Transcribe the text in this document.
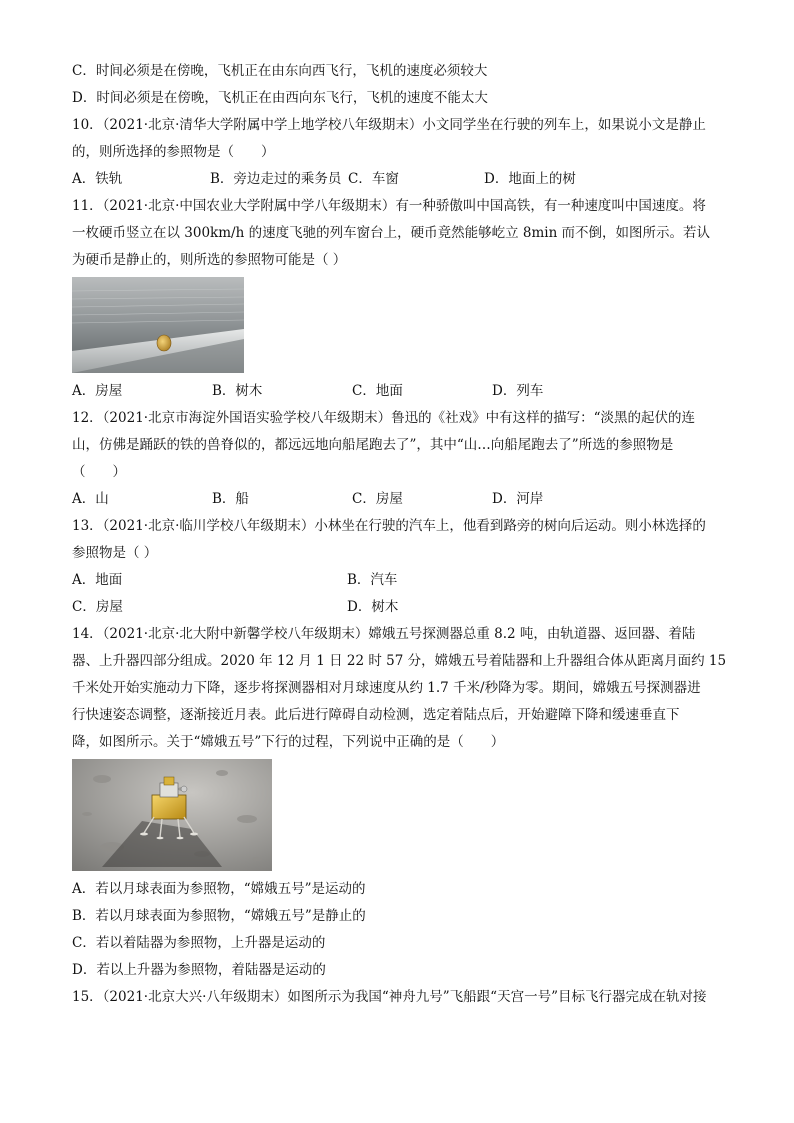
C．时间必须是在傍晚，飞机正在由东向西飞行，飞机的速度必须较大
D．时间必须是在傍晚，飞机正在由西向东飞行，飞机的速度不能太大
10．（2021·北京·清华大学附属中学上地学校八年级期末）小文同学坐在行驶的列车上，如果说小文是静止
的，则所选择的参照物是（　　）
A．铁轨	B．旁边走过的乘务员 C．车窗	D．地面上的树
11．（2021·北京·中国农业大学附属中学八年级期末）有一种骄傲叫中国高铁，有一种速度叫中国速度。将
一枚硬币竖立在以 300km/h 的速度飞驰的列车窗台上，硬币竟然能够屹立 8min 而不倒，如图所示。若认
为硬币是静止的，则所选的参照物可能是（ ）
A．房屋	B．树木	C．地面	D．列车
12．（2021·北京市海淀外国语实验学校八年级期末）鲁迅的《社戏》中有这样的描写：“淡黑的起伏的连
山，仿佛是踊跃的铁的兽脊似的，都远远地向船尾跑去了”，其中“山…向船尾跑去了”所选的参照物是
（　　）
A．山	B．船	C．房屋	D．河岸
13．（2021·北京·临川学校八年级期末）小林坐在行驶的汽车上，他看到路旁的树向后运动。则小林选择的
参照物是（ ）
A．地面	B．汽车
C．房屋	D．树木
14．（2021·北京·北大附中新馨学校八年级期末）嫦娥五号探测器总重 8.2 吨，由轨道器、返回器、着陆
器、上升器四部分组成。2020 年 12 月 1 日 22 时 57 分，嫦娥五号着陆器和上升器组合体从距离月面约 15
千米处开始实施动力下降，逐步将探测器相对月球速度从约 1.7 千米/秒降为零。期间，嫦娥五号探测器进
行快速姿态调整，逐渐接近月表。此后进行障碍自动检测，选定着陆点后，开始避障下降和缓速垂直下
降，如图所示。关于“嫦娥五号”下行的过程，下列说中正确的是（　　）
A．若以月球表面为参照物，“嫦娥五号”是运动的
B．若以月球表面为参照物，“嫦娥五号”是静止的
C．若以着陆器为参照物，上升器是运动的
D．若以上升器为参照物，着陆器是运动的
15．（2021·北京大兴·八年级期末）如图所示为我国“神舟九号”飞船跟“天宫一号”目标飞行器完成在轨对接
